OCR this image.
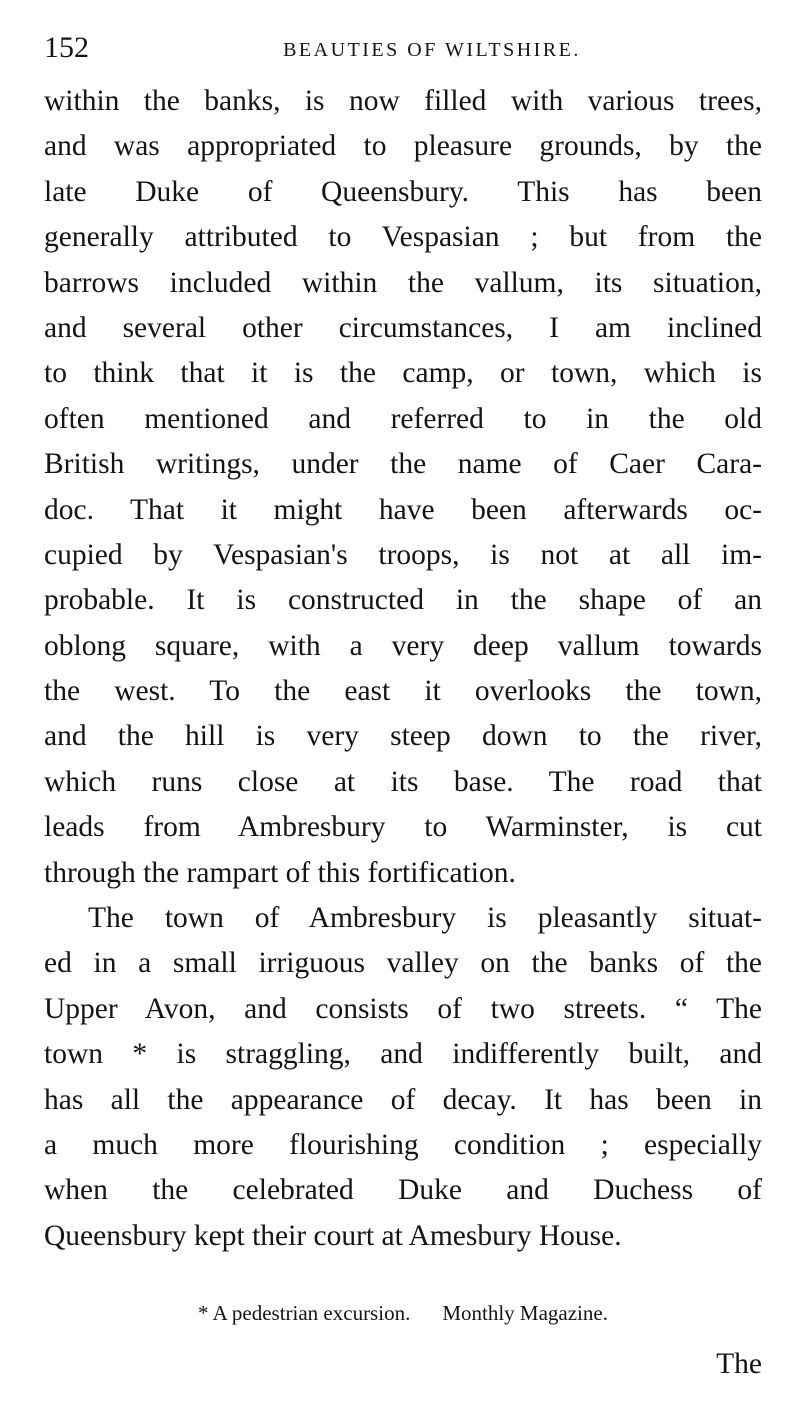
152	BEAUTIES OF WILTSHIRE.
within the banks, is now filled with various trees,
and was appropriated to pleasure grounds, by the
late Duke of Queensbury. This has been
generally attributed to Vespasian ; but from the
barrows included within the vallum, its situation,
and several other circumstances, I am inclined
to think that it is the camp, or town, which is
often mentioned and referred to in the old
British writings, under the name of Caer Cara-
doc. That it might have been afterwards oc-
cupied by Vespasian's troops, is not at all im-
probable. It is constructed in the shape of an
oblong square, with a very deep vallum towards
the west. To the east it overlooks the town,
and the hill is very steep down to the river,
which runs close at its base. The road that
leads from Ambresbury to Warminster, is cut
through the rampart of this fortification.
The town of Ambresbury is pleasantly situat-
ed in a small irriguous valley on the banks of the
Upper Avon, and consists of two streets. “ The
town * is straggling, and indifferently built, and
has all the appearance of decay. It has been in
a much more flourishing condition ; especially
when the celebrated Duke and Duchess of
Queensbury kept their court at Amesbury House.
* A pedestrian excursion. Monthly Magazine.
The
